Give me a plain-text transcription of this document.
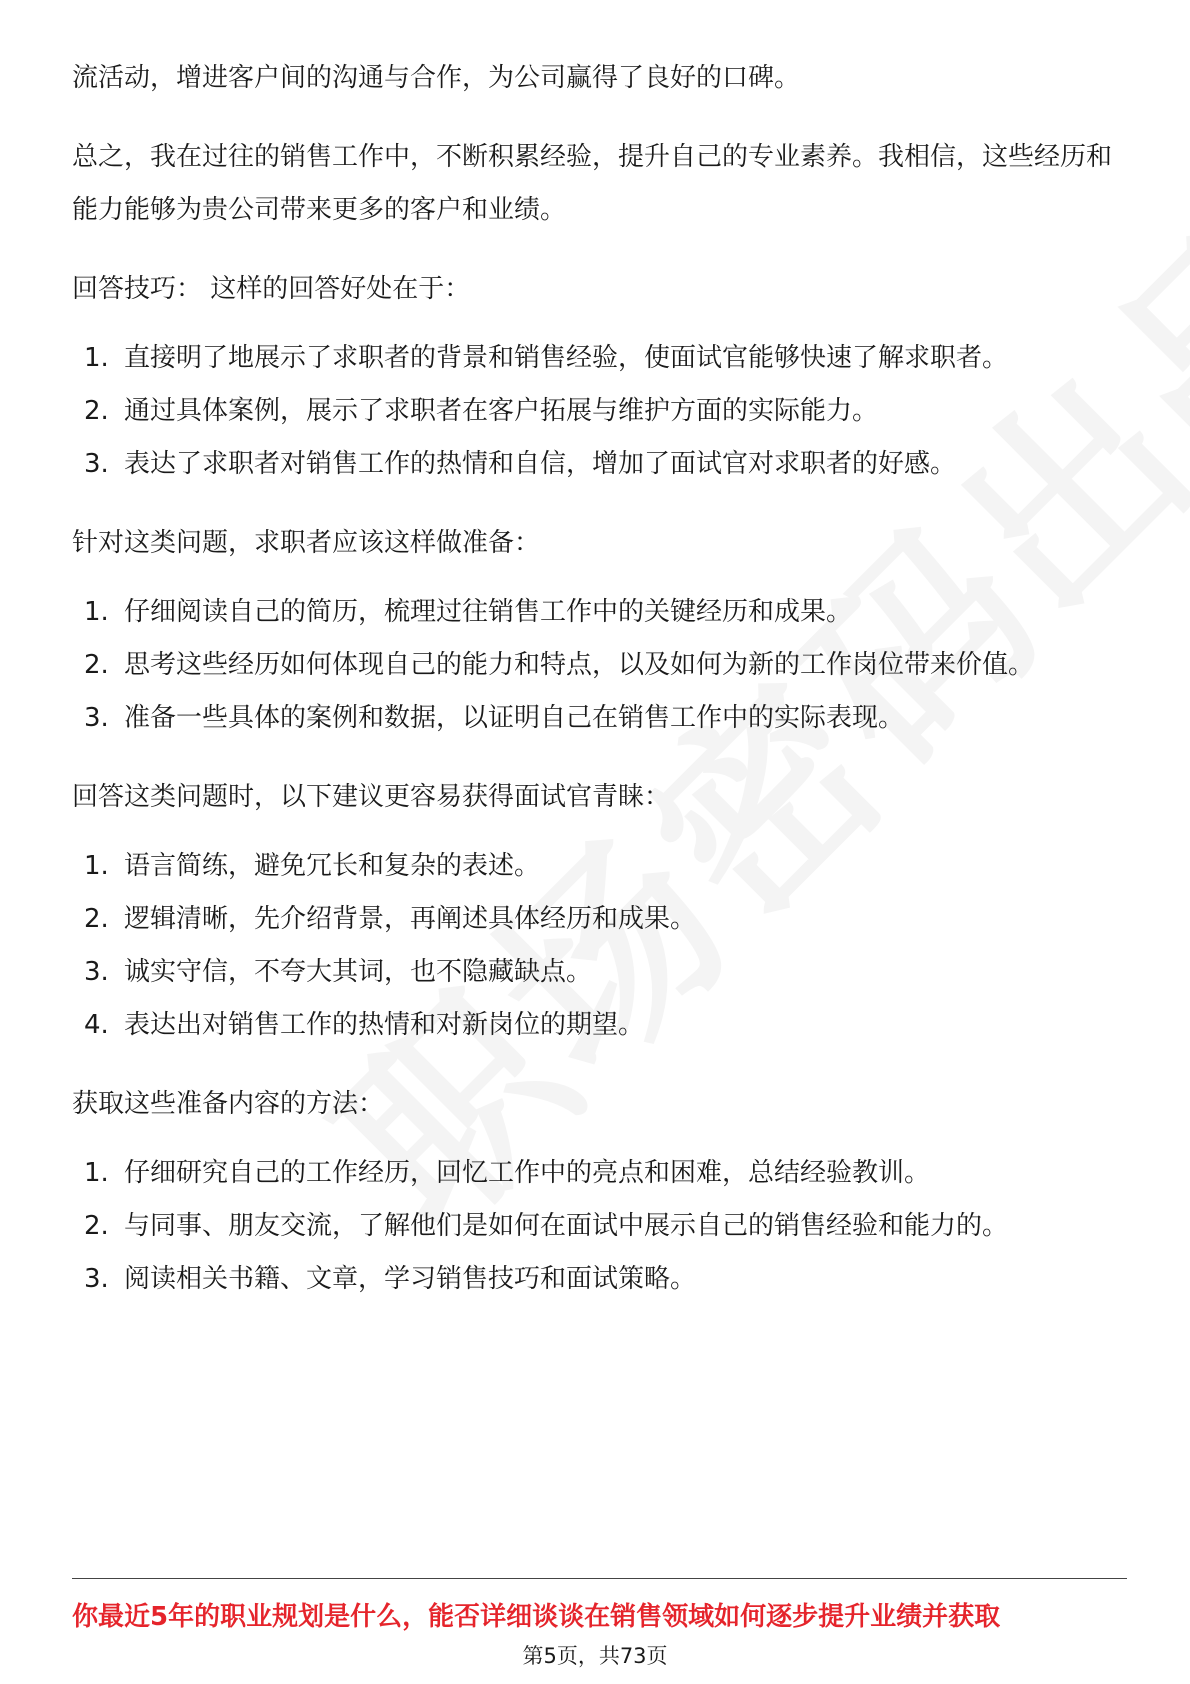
流活动，增进客户间的沟通与合作，为公司赢得了良好的口碑。

总之，我在过往的销售工作中，不断积累经验，提升自己的专业素养。我相信，这些经历和能力能够为贵公司带来更多的客户和业绩。

回答技巧： 这样的回答好处在于：

1. 直接明了地展示了求职者的背景和销售经验，使面试官能够快速了解求职者。
2. 通过具体案例，展示了求职者在客户拓展与维护方面的实际能力。
3. 表达了求职者对销售工作的热情和自信，增加了面试官对求职者的好感。

针对这类问题，求职者应该这样做准备：

1. 仔细阅读自己的简历，梳理过往销售工作中的关键经历和成果。
2. 思考这些经历如何体现自己的能力和特点，以及如何为新的工作岗位带来价值。
3. 准备一些具体的案例和数据，以证明自己在销售工作中的实际表现。

回答这类问题时，以下建议更容易获得面试官青睐：

1. 语言简练，避免冗长和复杂的表述。
2. 逻辑清晰，先介绍背景，再阐述具体经历和成果。
3. 诚实守信，不夸大其词，也不隐藏缺点。
4. 表达出对销售工作的热情和对新岗位的期望。

获取这些准备内容的方法：

1. 仔细研究自己的工作经历，回忆工作中的亮点和困难，总结经验教训。
2. 与同事、朋友交流，了解他们是如何在面试中展示自己的销售经验和能力的。
3. 阅读相关书籍、文章，学习销售技巧和面试策略。
你最近5年的职业规划是什么，能否详细谈谈在销售领域如何逐步提升业绩并获取
第5页，共73页
